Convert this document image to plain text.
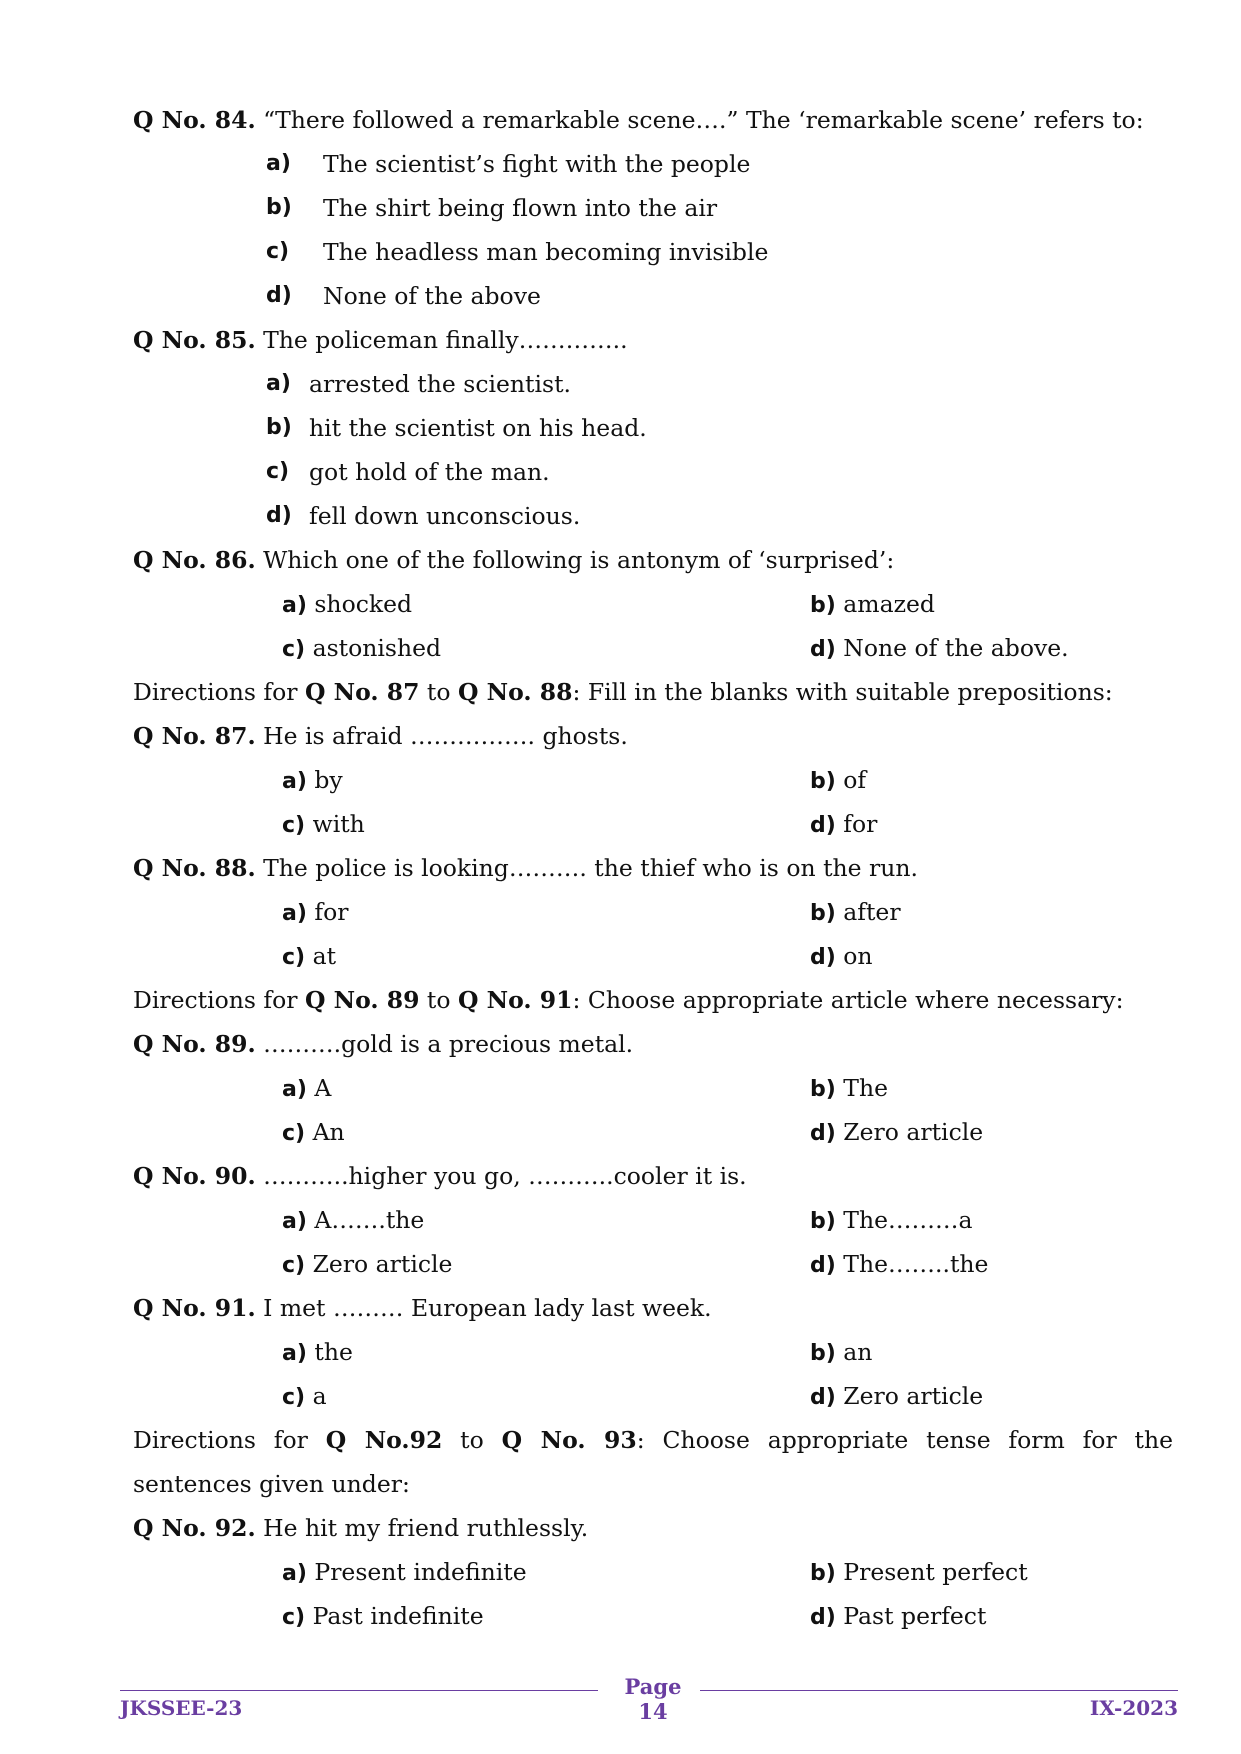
Q No. 84. “There followed a remarkable scene….” The ‘remarkable scene’ refers to:
a) The scientist’s fight with the people
b) The shirt being flown into the air
c) The headless man becoming invisible
d) None of the above
Q No. 85. The policeman finally…………..
a) arrested the scientist.
b) hit the scientist on his head.
c) got hold of the man.
d) fell down unconscious.
Q No. 86. Which one of the following is antonym of ‘surprised’:
a) shocked	b) amazed
c) astonished	d) None of the above.
Directions for Q No. 87 to Q No. 88: Fill in the blanks with suitable prepositions:
Q No. 87. He is afraid ……………. ghosts.
a) by	b) of
c) with	d) for
Q No. 88. The police is looking………. the thief who is on the run.
a) for	b) after
c) at	d) on
Directions for Q No. 89 to Q No. 91: Choose appropriate article where necessary:
Q No. 89. ……….gold is a precious metal.
a) A	b) The
c) An	d) Zero article
Q No. 90. ………..higher you go, ………..cooler it is.
a) A…….the	b) The………a
c) Zero article	d) The……..the
Q No. 91. I met ……… European lady last week.
a) the	b) an
c) a	d) Zero article
Directions for Q No.92 to Q No. 93: Choose appropriate tense form for the
sentences given under:
Q No. 92. He hit my friend ruthlessly.
a) Present indefinite	b) Present perfect
c) Past indefinite	d) Past perfect
Page 14
JKSSEE-23	IX-2023
